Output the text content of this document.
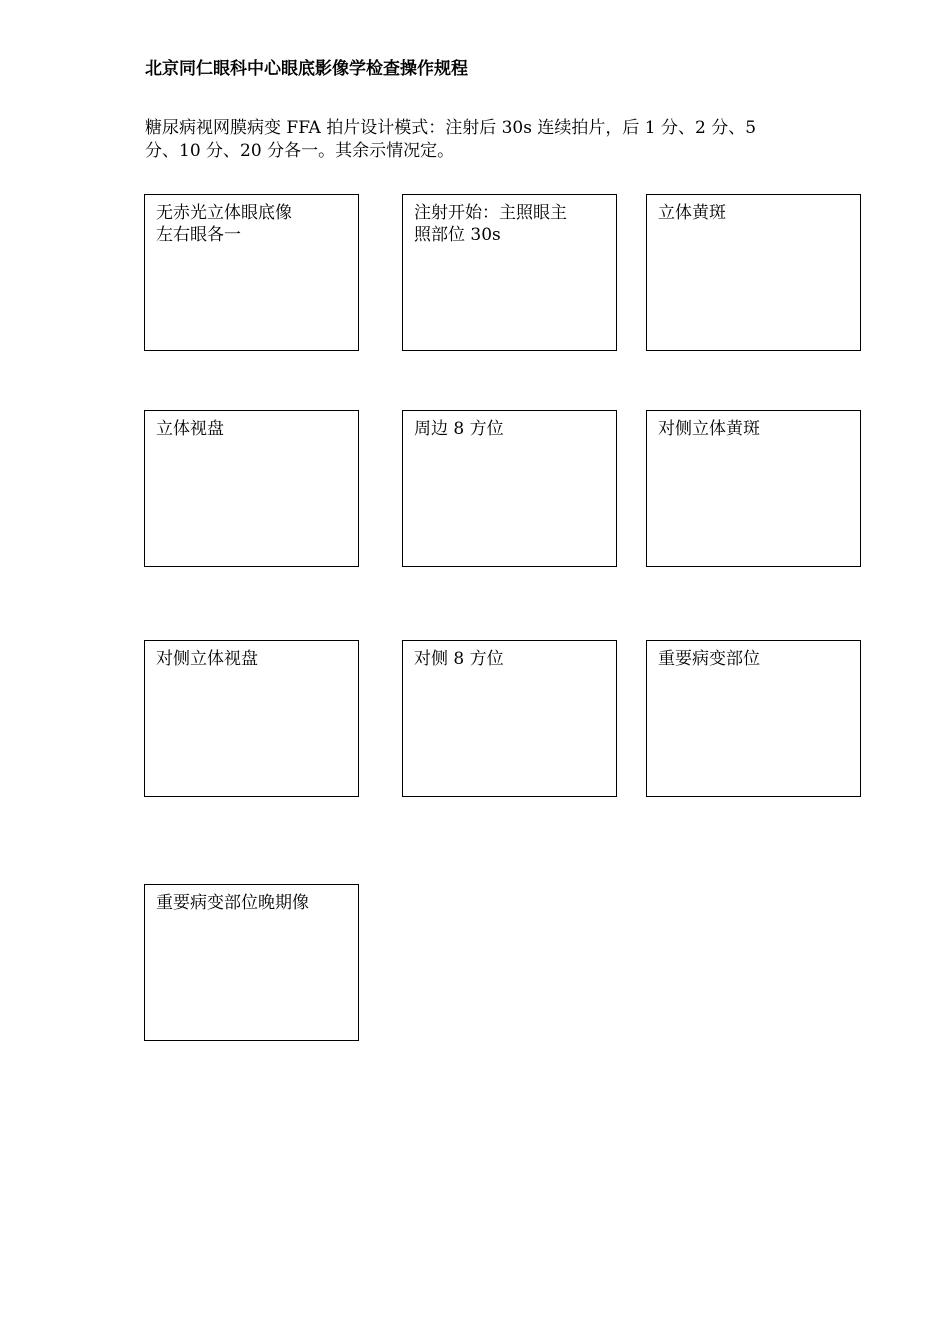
北京同仁眼科中心眼底影像学检查操作规程
糖尿病视网膜病变 FFA 拍片设计模式：注射后 30s 连续拍片，后 1 分、2 分、5
分、10 分、20 分各一。其余示情况定。
无赤光立体眼底像
左右眼各一
注射开始：主照眼主
照部位 30s
立体黄斑
立体视盘	周边 8 方位	对侧立体黄斑
对侧立体视盘	对侧 8 方位	重要病变部位
重要病变部位晚期像
